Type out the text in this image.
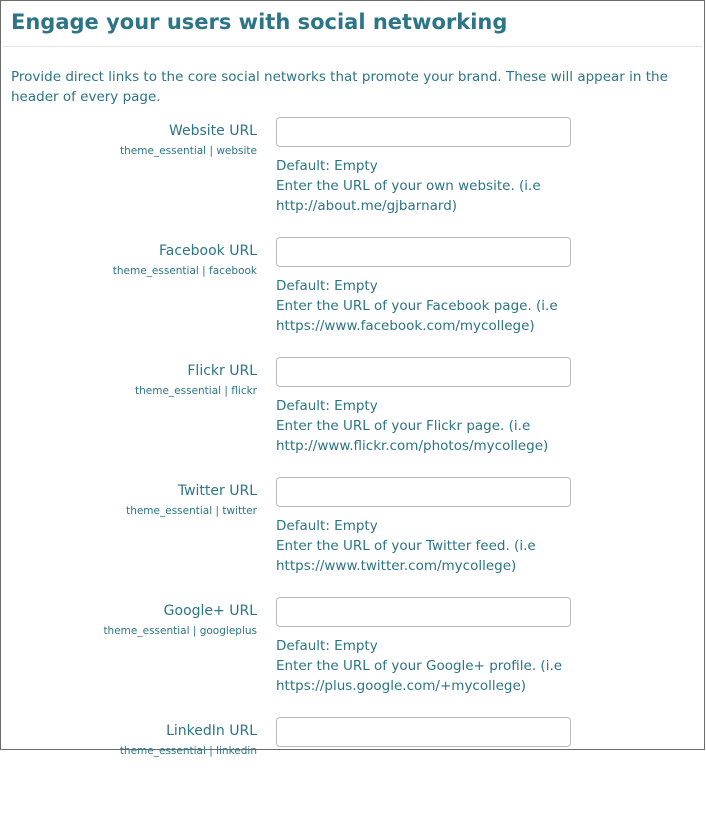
Engage your users with social networking
Provide direct links to the core social networks that promote your brand. These will appear in the header of every page.
Website URL
theme_essential | website
Default: Empty
Enter the URL of your own website. (i.e http://about.me/gjbarnard)
Facebook URL
theme_essential | facebook
Default: Empty
Enter the URL of your Facebook page. (i.e https://www.facebook.com/mycollege)
Flickr URL
theme_essential | flickr
Default: Empty
Enter the URL of your Flickr page. (i.e http://www.flickr.com/photos/mycollege)
Twitter URL
theme_essential | twitter
Default: Empty
Enter the URL of your Twitter feed. (i.e https://www.twitter.com/mycollege)
Google+ URL
theme_essential | googleplus
Default: Empty
Enter the URL of your Google+ profile. (i.e https://plus.google.com/+mycollege)
LinkedIn URL
theme_essential | linkedin
